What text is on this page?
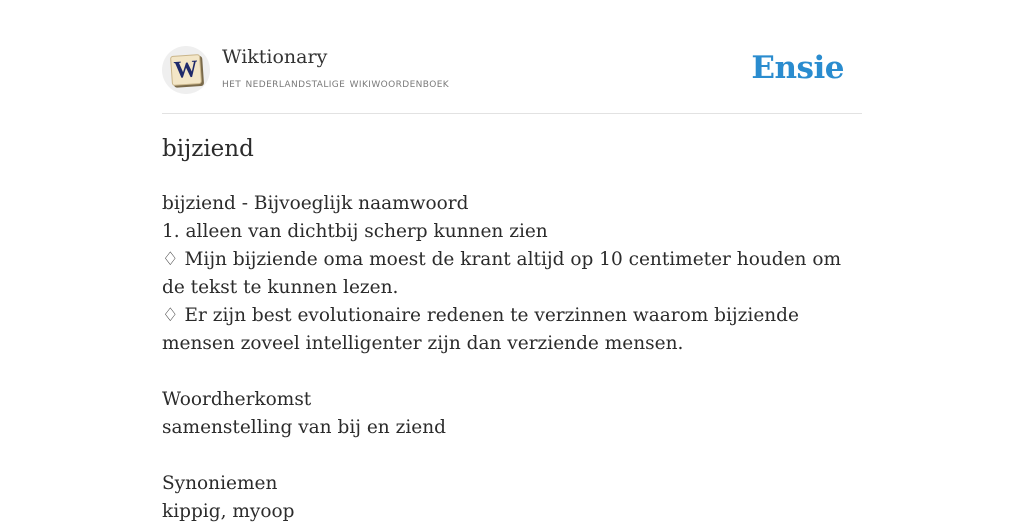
W Wiktionary
het nederlandstalige wikiwoordenboek	Ensie
bijziend
bijziend - Bijvoeglijk naamwoord
1. alleen van dichtbij scherp kunnen zien
♢ Mijn bijziende oma moest de krant altijd op 10 centimeter houden om de tekst te kunnen lezen.
♢ Er zijn best evolutionaire redenen te verzinnen waarom bijziende mensen zoveel intelligenter zijn dan verziende mensen.
Woordherkomst
samenstelling van bij en ziend
Synoniemen
kippig, myoop
